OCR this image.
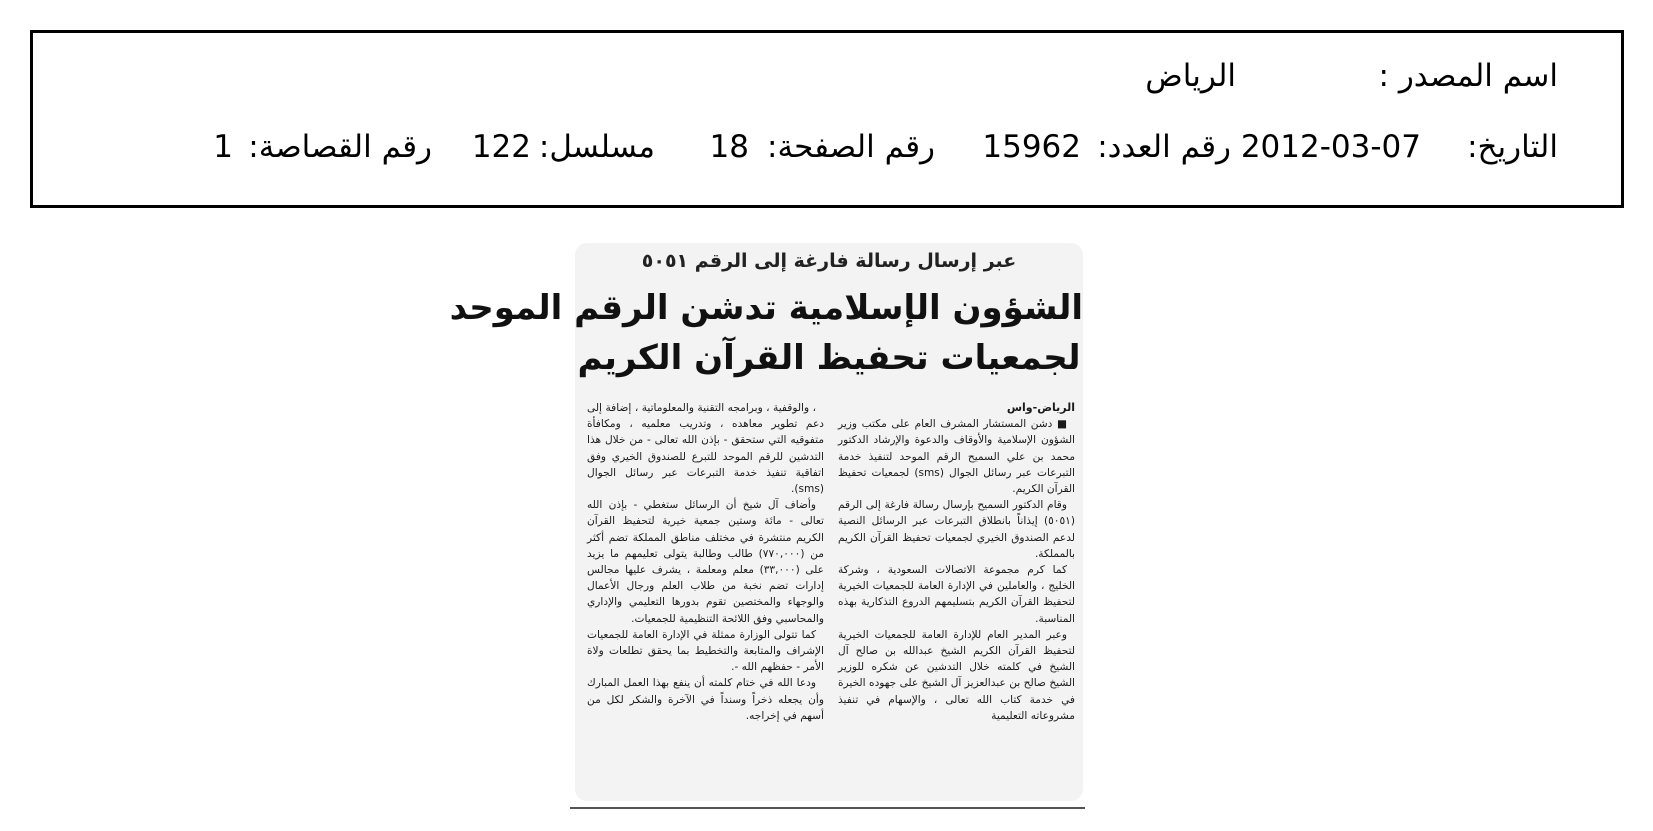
اسم المصدر :
الرياض
التاريخ:
2012-03-07
رقم العدد:
15962
رقم الصفحة:
18
مسلسل:
122
رقم القصاصة:
1
عبر إرسال رسالة فارغة إلى الرقم ٥٠٥١
الشؤون الإسلامية تدشن الرقم الموحد
لجمعيات تحفيظ القرآن الكريم
الرياض-واس

■ دشن المستشار المشرف العام على مكتب وزير الشؤون الإسلامية والأوقاف والدعوة والإرشاد الدكتور محمد بن علي السميح الرقم الموحد لتنفيذ خدمة التبرعات عبر رسائل الجوال (sms) لجمعيات تحفيظ القرآن الكريم.

وقام الدكتور السميح بإرسال رسالة فارغة إلى الرقم (٥٠٥١) إيذاناً بانطلاق التبرعات عبر الرسائل النصية لدعم الصندوق الخيري لجمعيات تحفيظ القرآن الكريم بالمملكة.

كما كرم مجموعة الاتصالات السعودية ، وشركة الخليج ، والعاملين في الإدارة العامة للجمعيات الخيرية لتحفيظ القرآن الكريم بتسليمهم الدروع التذكارية بهذه المناسبة.

وعبر المدير العام للإدارة العامة للجمعيات الخيرية لتحفيظ القرآن الكريم الشيخ عبدالله بن صالح آل الشيخ في كلمته خلال التدشين عن شكره للوزير الشيخ صالح بن عبدالعزيز آل الشيخ على جهوده الخيرة في خدمة كتاب الله تعالى ، والإسهام في تنفيذ مشروعاته التعليمية

، والوقفية ، وبرامجه التقنية والمعلوماتية ، إضافة إلى دعم تطوير معاهده ، وتدريب معلميه ، ومكافأة متفوقيه التي ستحقق - بإذن الله تعالى - من خلال هذا التدشين للرقم الموحد للتبرع للصندوق الخيري وفق اتفاقية تنفيذ خدمة التبرعات عبر رسائل الجوال (sms).

وأضاف آل شيخ أن الرسائل ستغطي - بإذن الله تعالى - مائة وستين جمعية خيرية لتحفيظ القرآن الكريم منتشرة في مختلف مناطق المملكة تضم أكثر من (٧٧٠,٠٠٠) طالب وطالبة يتولى تعليمهم ما يزيد على (٣٣,٠٠٠) معلم ومعلمة ، يشرف عليها مجالس إدارات تضم نخبة من طلاب العلم ورجال الأعمال والوجهاء والمختصين تقوم بدورها التعليمي والإداري والمحاسبي وفق اللائحة التنظيمية للجمعيات.

كما تتولى الوزارة ممثلة في الإدارة العامة للجمعيات الإشراف والمتابعة والتخطيط بما يحقق تطلعات ولاة الأمر - حفظهم الله -.

ودعا الله في ختام كلمته أن ينفع بهذا العمل المبارك وأن يجعله ذخراً وسنداً في الآخرة والشكر لكل من أسهم في إخراجه.
